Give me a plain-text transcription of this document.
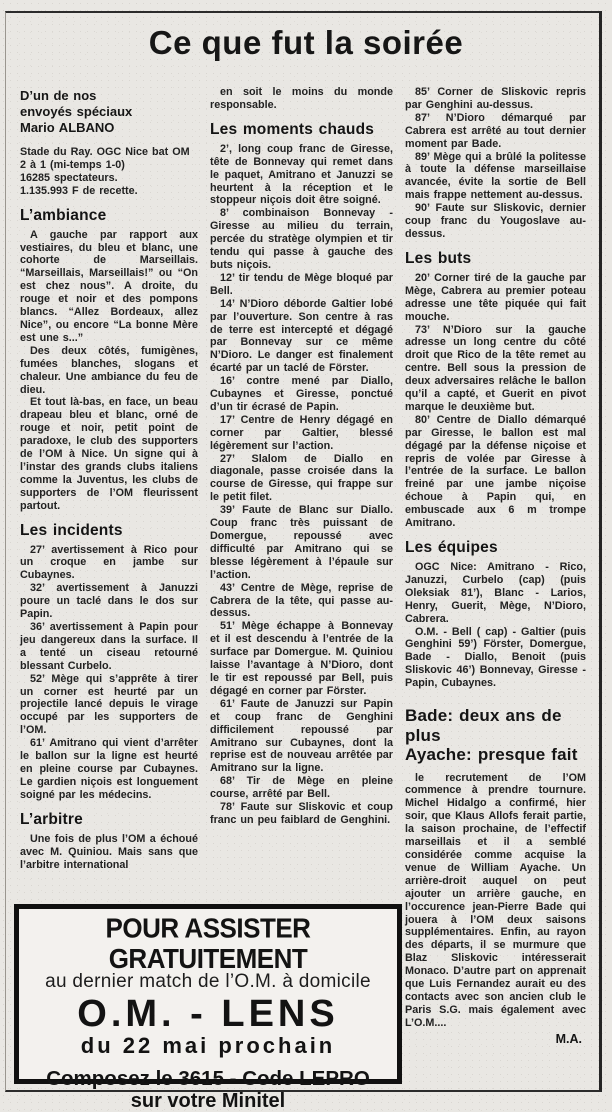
Ce que fut la soirée
D’un de nos
envoyés spéciaux
Mario ALBANO
Stade du Ray. OGC Nice bat OM 2 à 1 (mi-temps 1-0)
16285 spectateurs.
1.135.993 F de recette.
L’ambiance

A gauche par rapport aux vestiaires, du bleu et blanc, une cohorte de Marseillais. “Marseillais, Marseillais!” ou “On est chez nous”. A droite, du rouge et noir et des pompons blancs. “Allez Bordeaux, allez Nice”, ou encore “La bonne Mère est une s...”

Des deux côtés, fumigènes, fumées blanches, slogans et chaleur. Une ambiance du feu de dieu.

Et tout là-bas, en face, un beau drapeau bleu et blanc, orné de rouge et noir, petit point de paradoxe, le club des supporters de l’OM à Nice. Un signe qui à l’instar des grands clubs italiens comme la Juventus, les clubs de supporters de l’OM fleurissent partout.

Les incidents

27’ avertissement à Rico pour un croque en jambe sur Cubaynes.

32’ avertissement à Januzzi poure un taclé dans le dos sur Papin.

36’ avertissement à Papin pour jeu dangereux dans la surface. Il a tenté un ciseau retourné blessant Curbelo.

52’ Mège qui s’apprête à tirer un corner est heurté par un projectile lancé depuis le virage occupé par les supporters de l’OM.

61’ Amitrano qui vient d’arrêter le ballon sur la ligne est heurté en pleine course par Cubaynes. Le gardien niçois est longuement soigné par les médecins.

L’arbitre

Une fois de plus l’OM a échoué avec M. Quiniou. Mais sans que l’arbitre international

en soit le moins du monde responsable.

Les moments chauds

2’, long coup franc de Giresse, tête de Bonnevay qui remet dans le paquet, Amitrano et Januzzi se heurtent à la réception et le stoppeur niçois doit être soigné.

8’ combinaison Bonnevay - Giresse au milieu du terrain, percée du stratège olympien et tir tendu qui passe à gauche des buts niçois.

12’ tir tendu de Mège bloqué par Bell.

14’ N’Dioro déborde Galtier lobé par l’ouverture. Son centre à ras de terre est intercepté et dégagé par Bonnevay sur ce même N’Dioro. Le danger est finalement écarté par un taclé de Förster.

16’ contre mené par Diallo, Cubaynes et Giresse, ponctué d’un tir écrasé de Papin.

17’ Centre de Henry dégagé en corner par Galtier, blessé légèrement sur l’action.

27’ Slalom de Diallo en diagonale, passe croisée dans la course de Giresse, qui frappe sur le petit filet.

39’ Faute de Blanc sur Diallo. Coup franc très puissant de Domergue, repoussé avec difficulté par Amitrano qui se blesse légèrement à l’épaule sur l’action.

43’ Centre de Mège, reprise de Cabrera de la tête, qui passe au-dessus.

51’ Mège échappe à Bonnevay et il est descendu à l’entrée de la surface par Domergue. M. Quiniou laisse l’avantage à N’Dioro, dont le tir est repoussé par Bell, puis dégagé en corner par Förster.

61’ Faute de Januzzi sur Papin et coup franc de Genghini difficilement repoussé par Amitrano sur Cubaynes, dont la reprise est de nouveau arrêtée par Amitrano sur la ligne.

68’ Tir de Mège en pleine course, arrêté par Bell.

78’ Faute sur Sliskovic et coup franc un peu faiblard de Genghini.

85’ Corner de Sliskovic repris par Genghini au-dessus.

87’ N’Dioro démarqué par Cabrera est arrêté au tout dernier moment par Bade.

89’ Mège qui a brûlé la politesse à toute la défense marseillaise avancée, évite la sortie de Bell mais frappe nettement au-dessus.

90’ Faute sur Sliskovic, dernier coup franc du Yougoslave au-dessus.

Les buts

20’ Corner tiré de la gauche par Mège, Cabrera au premier poteau adresse une tête piquée qui fait mouche.

73’ N’Dioro sur la gauche adresse un long centre du côté droit que Rico de la tête remet au centre. Bell sous la pression de deux adversaires relâche le ballon qu’il a capté, et Guerit en pivot marque le deuxième but.

80’ Centre de Diallo démarqué par Giresse, le ballon est mal dégagé par la défense niçoise et repris de volée par Giresse à l’entrée de la surface. Le ballon freiné par une jambe niçoise échoue à Papin qui, en embuscade aux 6 m trompe Amitrano.

Les équipes

OGC Nice: Amitrano - Rico, Januzzi, Curbelo (cap) (puis Oleksiak 81’), Blanc - Larios, Henry, Guerit, Mège, N’Dioro, Cabrera.

O.M. - Bell ( cap) - Galtier (puis Genghini 59’) Förster, Domergue, Bade - Diallo, Benoit (puis Sliskovic 46’) Bonnevay, Giresse - Papin, Cubaynes.

Bade: deux ans de plus
Ayache: presque fait

le recrutement de l’OM commence à prendre tournure. Michel Hidalgo a confirmé, hier soir, que Klaus Allofs ferait partie, la saison prochaine, de l’effectif marseillais et il a semblé considérée comme acquise la venue de William Ayache. Un arrière-droit auquel on peut ajouter un arrière gauche, en l’occurence jean-Pierre Bade qui jouera à l’OM deux saisons supplémentaires. Enfin, au rayon des départs, il se murmure que Blaz Sliskovic intéresserait Monaco. D’autre part on apprenait que Luis Fernandez aurait eu des contacts avec son ancien club le Paris S.G. mais également avec L’O.M....

M.A.
POUR ASSISTER GRATUITEMENT
au dernier match de l’O.M. à domicile
O.M. - LENS
du 22 mai prochain
Composez le 3615 - Code LEPRO
sur votre Minitel
